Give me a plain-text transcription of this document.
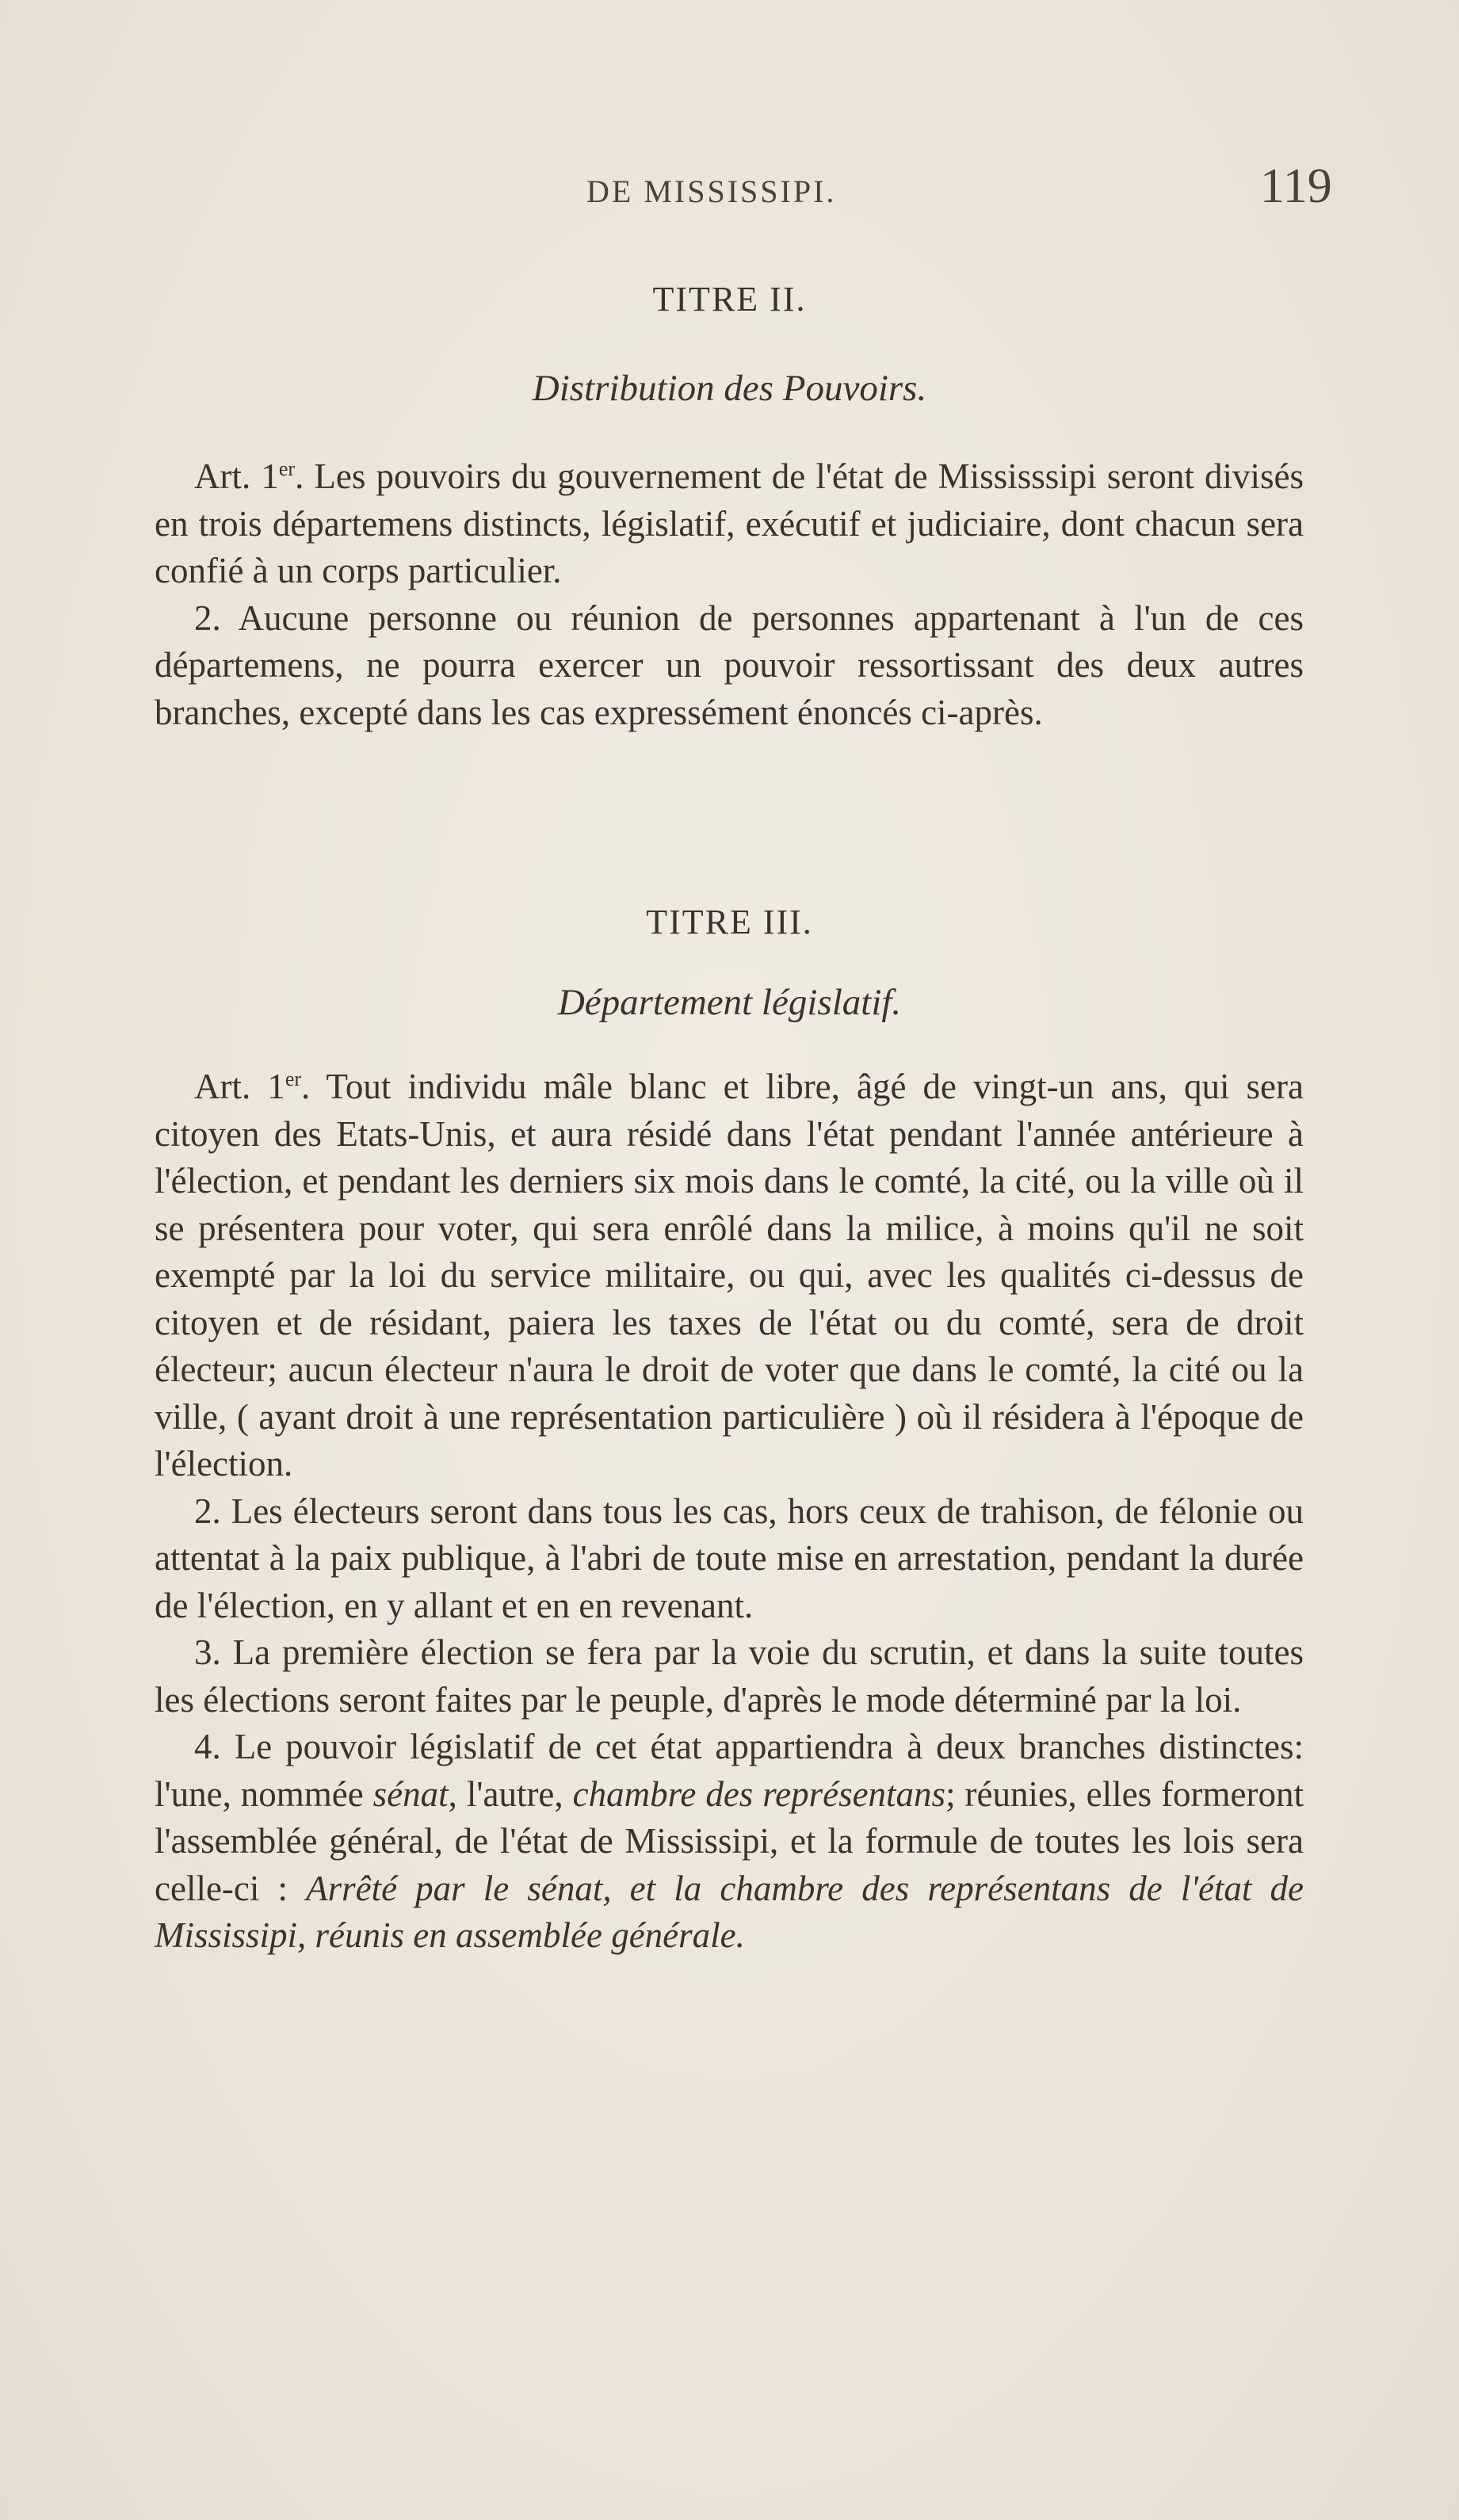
DE MISSISSIPI.	119
TITRE II.
Distribution des Pouvoirs.

Art. 1er. Les pouvoirs du gouvernement de l'état de Mississsipi seront divisés en trois départemens distincts, législatif, exécutif et judiciaire, dont chacun sera confié à un corps particulier.

2. Aucune personne ou réunion de personnes appartenant à l'un de ces départemens, ne pourra exercer un pouvoir ressortissant des deux autres branches, excepté dans les cas expressément énoncés ci-après.

TITRE III.
Département législatif.

Art. 1er. Tout individu mâle blanc et libre, âgé de vingt-un ans, qui sera citoyen des Etats-Unis, et aura résidé dans l'état pendant l'année antérieure à l'élection, et pendant les derniers six mois dans le comté, la cité, ou la ville où il se présentera pour voter, qui sera enrôlé dans la milice, à moins qu'il ne soit exempté par la loi du service militaire, ou qui, avec les qualités ci-dessus de citoyen et de résidant, paiera les taxes de l'état ou du comté, sera de droit électeur; aucun électeur n'aura le droit de voter que dans le comté, la cité ou la ville, ( ayant droit à une représentation particulière ) où il résidera à l'époque de l'élection.

2. Les électeurs seront dans tous les cas, hors ceux de trahison, de félonie ou attentat à la paix publique, à l'abri de toute mise en arrestation, pendant la durée de l'élection, en y allant et en en revenant.

3. La première élection se fera par la voie du scrutin, et dans la suite toutes les élections seront faites par le peuple, d'après le mode déterminé par la loi.

4. Le pouvoir législatif de cet état appartiendra à deux branches distinctes: l'une, nommée sénat, l'autre, chambre des représentans; réunies, elles formeront l'assemblée général, de l'état de Mississipi, et la formule de toutes les lois sera celle-ci : Arrêté par le sénat, et la chambre des représentans de l'état de Mississipi, réunis en assemblée générale.
